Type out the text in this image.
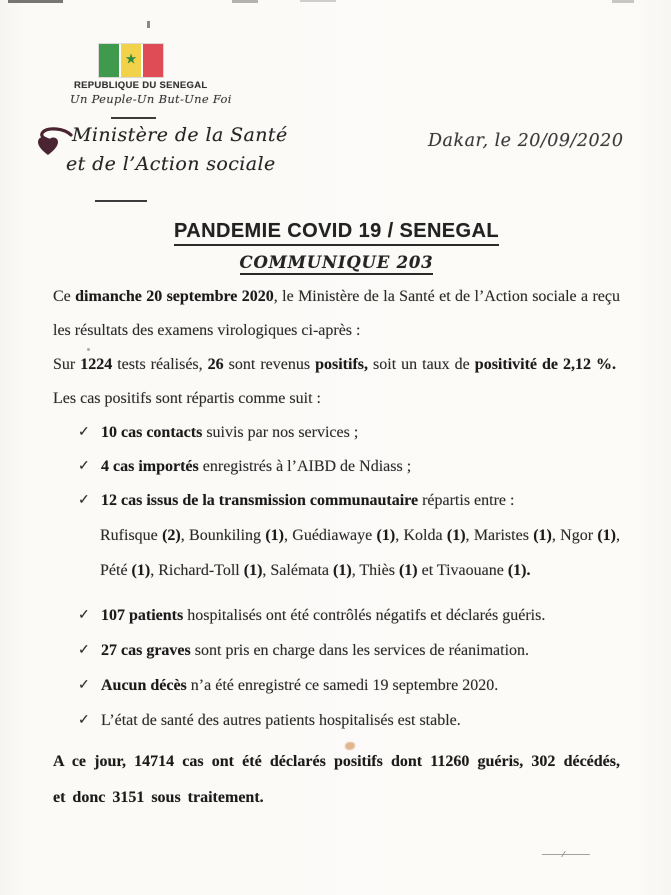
★
REPUBLIQUE DU SENEGAL
Un Peuple-Un But-Une Foi
Ministère de la Santé
et de l’Action sociale
Dakar, le 20/09/2020
PANDEMIE COVID 19 / SENEGAL
COMMUNIQUE 203

Ce dimanche 20 septembre 2020, le Ministère de la Santé et de l’Action sociale a reçu les résultats des examens virologiques ci-après :

Sur 1224 tests réalisés, 26 sont revenus positifs, soit un taux de positivité de 2,12 %.  Les cas positifs sont répartis comme suit :

✓ 10 cas contacts suivis par nos services ;
✓ 4 cas importés enregistrés à l’AIBD de Ndiass ;
✓ 12 cas issus de la transmission communautaire répartis entre :

Rufisque (2), Bounkiling (1), Guédiawaye (1), Kolda (1), Maristes (1), Ngor (1), Pété (1), Richard-Toll (1), Salémata (1), Thiès (1) et Tivaouane (1).

✓ 107 patients hospitalisés ont été contrôlés négatifs et déclarés guéris.
✓ 27 cas graves sont pris en charge dans les services de réanimation.
✓ Aucun décès n’a été enregistré ce samedi 19 septembre 2020.
✓ L’état de santé des autres patients hospitalisés est stable.

A ce jour, 14714 cas ont été déclarés positifs dont 11260 guéris, 302 décédés, et donc 3151 sous traitement.
